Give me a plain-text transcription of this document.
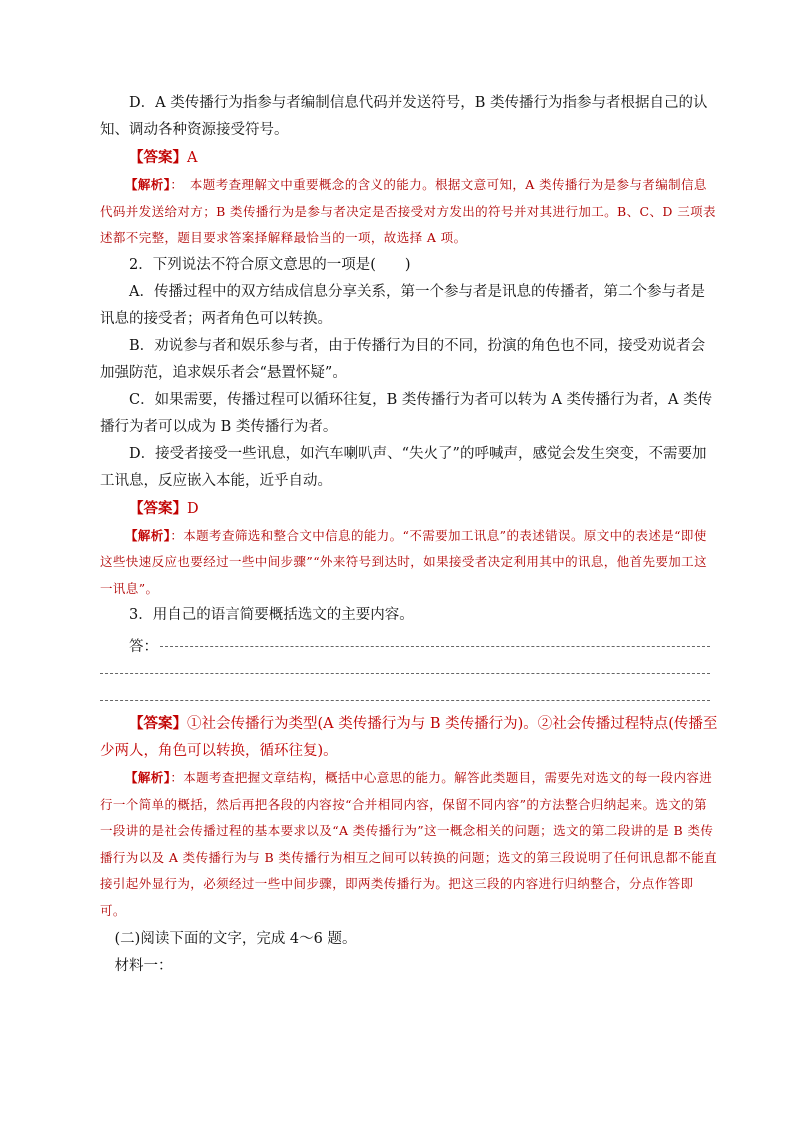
D．A 类传播行为指参与者编制信息代码并发送符号，B 类传播行为指参与者根据自己的认知、调动各种资源接受符号。

【答案】A

【解析】：　本题考查理解文中重要概念的含义的能力。根据文意可知，A 类传播行为是参与者编制信息代码并发送给对方；B 类传播行为是参与者决定是否接受对方发出的符号并对其进行加工。B、C、D 三项表述都不完整，题目要求答案择解释最恰当的一项，故选择 A 项。

2．下列说法不符合原文意思的一项是(　　)

A．传播过程中的双方结成信息分享关系，第一个参与者是讯息的传播者，第二个参与者是讯息的接受者；两者角色可以转换。

B．劝说参与者和娱乐参与者，由于传播行为目的不同，扮演的角色也不同，接受劝说者会加强防范，追求娱乐者会“悬置怀疑”。

C．如果需要，传播过程可以循环往复，B 类传播行为者可以转为 A 类传播行为者，A 类传播行为者可以成为 B 类传播行为者。

D．接受者接受一些讯息，如汽车喇叭声、“失火了”的呼喊声，感觉会发生突变，不需要加工讯息，反应嵌入本能，近乎自动。

【答案】D

【解析】：本题考查筛选和整合文中信息的能力。“不需要加工讯息”的表述错误。原文中的表述是“即使这些快速反应也要经过一些中间步骤”“外来符号到达时，如果接受者决定利用其中的讯息，他首先要加工这一讯息”。

3．用自己的语言简要概括选文的主要内容。

答：

【答案】①社会传播行为类型(A 类传播行为与 B 类传播行为)。②社会传播过程特点(传播至少两人，角色可以转换，循环往复)。

【解析】：本题考查把握文章结构，概括中心意思的能力。解答此类题目，需要先对选文的每一段内容进行一个简单的概括，然后再把各段的内容按“合并相同内容，保留不同内容”的方法整合归纳起来。选文的第一段讲的是社会传播过程的基本要求以及“A 类传播行为”这一概念相关的问题；选文的第二段讲的是 B 类传播行为以及 A 类传播行为与 B 类传播行为相互之间可以转换的问题；选文的第三段说明了任何讯息都不能直接引起外显行为，必须经过一些中间步骤，即两类传播行为。把这三段的内容进行归纳整合，分点作答即可。

(二)阅读下面的文字，完成 4～6 题。

材料一：
